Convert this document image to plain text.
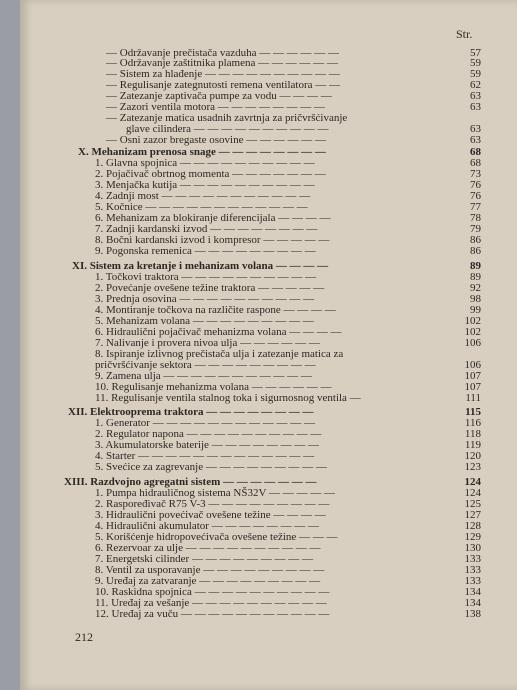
Str.
— Održavanje prečistača vazduha — — — — — —	57
— Održavanje zaštitnika plamena — — — — — —	59
— Sistem za hlađenje — — — — — — — — — —	59
— Regulisanje zategnutosti remena ventilatora — —	62
— Zatezanje zaptivača pumpe za vodu — — — —	63
— Zazori ventila motora — — — — — — — —	63
— Zatezanje matica usadnih zavrtnja za pričvršćivanje
glave cilindera — — — — — — — — — —	63
— Osni zazor bregaste osovine — — — — — —	63
X. Mehanizam prenosa snage — — — — — — — —	68
1. Glavna spojnica — — — — — — — — — —	68
2. Pojačivač obrtnog momenta — — — — — — —	73
3. Menjačka kutija — — — — — — — — — —	76
4. Zadnji most — — — — — — — — — — —	76
5. Kočnice — — — — — — — — — — — —	77
6. Mehanizam za blokiranje diferencijala — — — —	78
7. Zadnji kardanski izvod — — — — — — — —	79
8. Bočni kardanski izvod i kompresor — — — — —	86
9. Pogonska remenica — — — — — — — — —	86
XI. Sistem za kretanje i mehanizam volana — — — —	89
1. Točkovi traktora — — — — — — — — — —	89
2. Povećanje ovešene težine traktora — — — — —	92
3. Prednja osovina — — — — — — — — — —	98
4. Montiranje točkova na različite raspone — — — —	99
5. Mehanizam volana — — — — — — — — —	102
6. Hidraulični pojačivač mehanizma volana — — — —	102
7. Nalivanje i provera nivoa ulja — — — — — —	106
8. Ispiranje izlivnog prečistača ulja i zatezanje matica za
pričvršćivanje sektora — — — — — — — — —	106
9. Zamena ulja — — — — — — — — — — —	107
10. Regulisanje mehanizma volana — — — — — —	107
11. Regulisanje ventila stalnog toka i sigurnosnog ventila —	111
XII. Elektrooprema traktora — — — — — — — —	115
1. Generator — — — — — — — — — — — —	116
2. Regulator napona — — — — — — — — — —	118
3. Akumulatorske baterije — — — — — — — —	119
4. Starter — — — — — — — — — — — — —	120
5. Svećice za zagrevanje — — — — — — — — —	123
XIII. Razdvojno agregatni sistem — — — — — — —	124
1. Pumpa hidrauličnog sistema NŠ32V — — — — —	124
2. Raspoređivač R75 V-3 — — — — — — — — —	125
3. Hidraulični povećivač ovešene težine — — — —	127
4. Hidraulični akumulator — — — — — — — —	128
5. Korišćenje hidropovećivača ovešene težine — — —	129
6. Rezervoar za ulje — — — — — — — — — —	130
7. Energetski cilinder — — — — — — — — —	133
8. Ventil za usporavanje — — — — — — — — —	133
9. Uređaj za zatvaranje — — — — — — — — —	133
10. Raskidna spojnica — — — — — — — — — —	134
11. Uređaj za vešanje — — — — — — — — — —	134
12. Uređaj za vuču — — — — — — — — — — —	138
212
